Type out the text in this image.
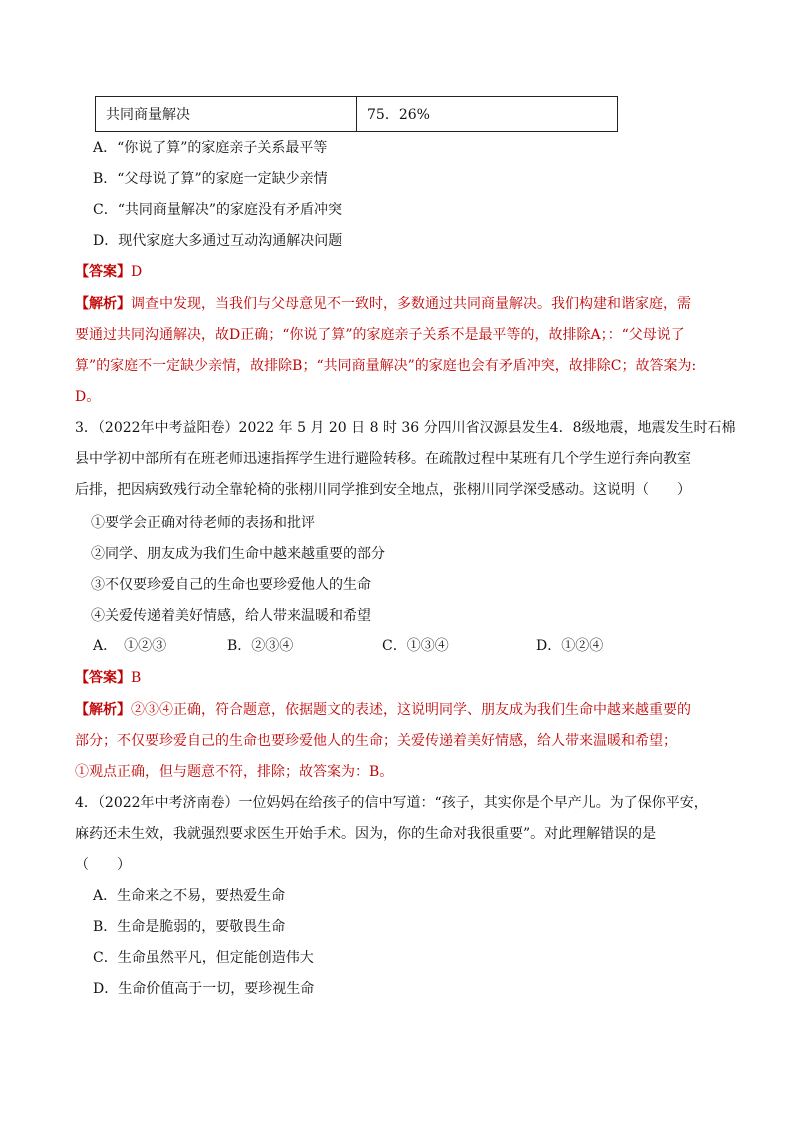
共同商量解决	75．26%
A．“你说了算”的家庭亲子关系最平等
B．“父母说了算”的家庭一定缺少亲情
C．“共同商量解决”的家庭没有矛盾冲突
D．现代家庭大多通过互动沟通解决问题
【答案】D
【解析】调查中发现，当我们与父母意见不一致时，多数通过共同商量解决。我们构建和谐家庭，需
要通过共同沟通解决，故D正确；“你说了算”的家庭亲子关系不是最平等的，故排除A；：“父母说了
算”的家庭不一定缺少亲情，故排除B；“共同商量解决”的家庭也会有矛盾冲突，故排除C；故答案为:
D。
3．（2022年中考益阳卷）2022 年 5 月 20 日 8 时 36 分四川省汉源县发生4．8级地震，地震发生时石棉
县中学初中部所有在班老师迅速指挥学生进行避险转移。在疏散过程中某班有几个学生逆行奔向教室
后排，把因病致残行动全靠轮椅的张栩川同学推到安全地点，张栩川同学深受感动。这说明（　　）
①要学会正确对待老师的表扬和批评
②同学、朋友成为我们生命中越来越重要的部分
③不仅要珍爱自己的生命也要珍爱他人的生命
④关爱传递着美好情感，给人带来温暖和希望
A．　①②③	B．②③④	C．①③④	D．①②④
【答案】B
【解析】②③④正确，符合题意，依据题文的表述，这说明同学、朋友成为我们生命中越来越重要的
部分；不仅要珍爱自己的生命也要珍爱他人的生命；关爱传递着美好情感，给人带来温暖和希望；
①观点正确，但与题意不符，排除；故答案为：B。
4．（2022年中考济南卷）一位妈妈在给孩子的信中写道：“孩子，其实你是个早产儿。为了保你平安，
麻药还未生效，我就强烈要求医生开始手术。因为，你的生命对我很重要”。对此理解错误的是
（　　）
A．生命来之不易，要热爱生命
B．生命是脆弱的，要敬畏生命
C．生命虽然平凡，但定能创造伟大
D．生命价值高于一切，要珍视生命
